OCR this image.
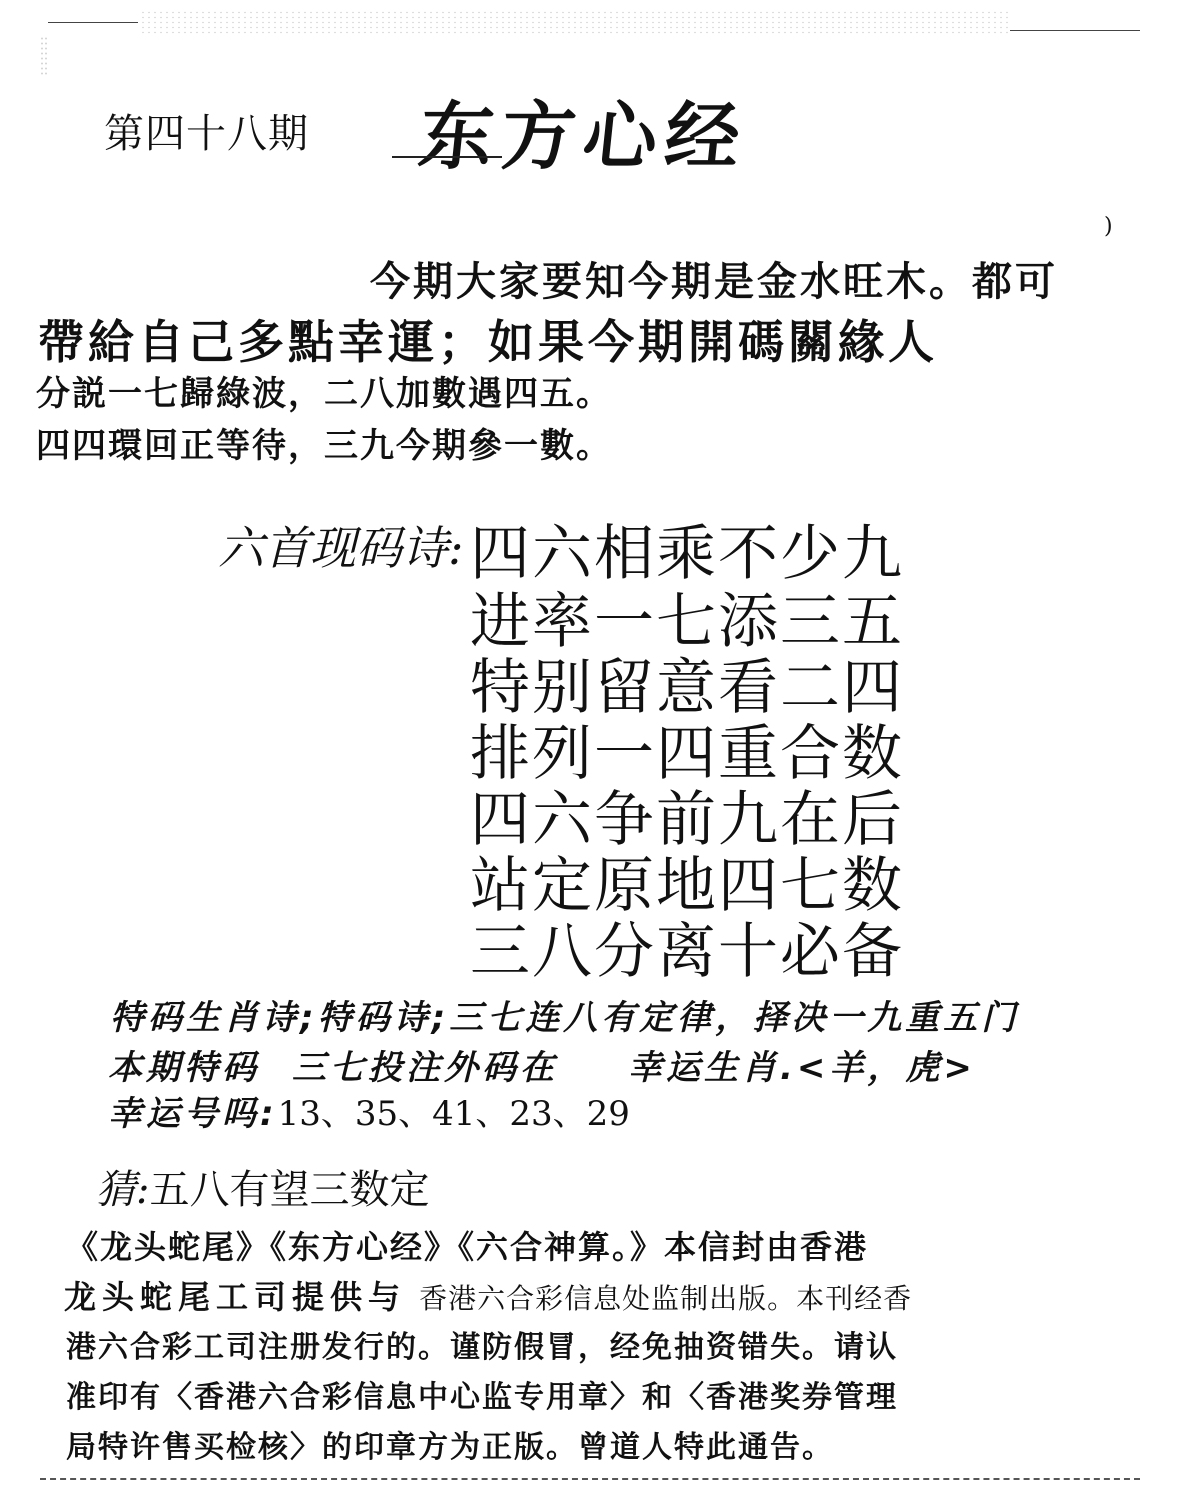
第四十八期 东方心经
)
今期大家要知今期是金水旺木。都可
帶給自己多點幸運；如果今期開碼關緣人
分説一七歸綠波，二八加數遇四五。
四四環回正等待，三九今期參一數。
六首现码诗: 四六相乘不少九
进率一七添三五
特别留意看二四
排列一四重合数
四六争前九在后
站定原地四七数
三八分离十必备
特码生肖诗;特码诗;三七连八有定律，择决一九重五门
本期特码 三七投注外码在 幸运生肖.<羊，虎>
幸运号吗:13、35、41、23、29
猜:五八有望三数定
《龙头蛇尾》《东方心经》《六合神算。》本信封由香港
龙头蛇尾工司提供与 香港六合彩信息处监制出版。本刊经香
港六合彩工司注册发行的。谨防假冒，经免抽资错失。请认
准印有〈香港六合彩信息中心监专用章〉和〈香港奖券管理
局特许售买检核〉的印章方为正版。曾道人特此通告。
